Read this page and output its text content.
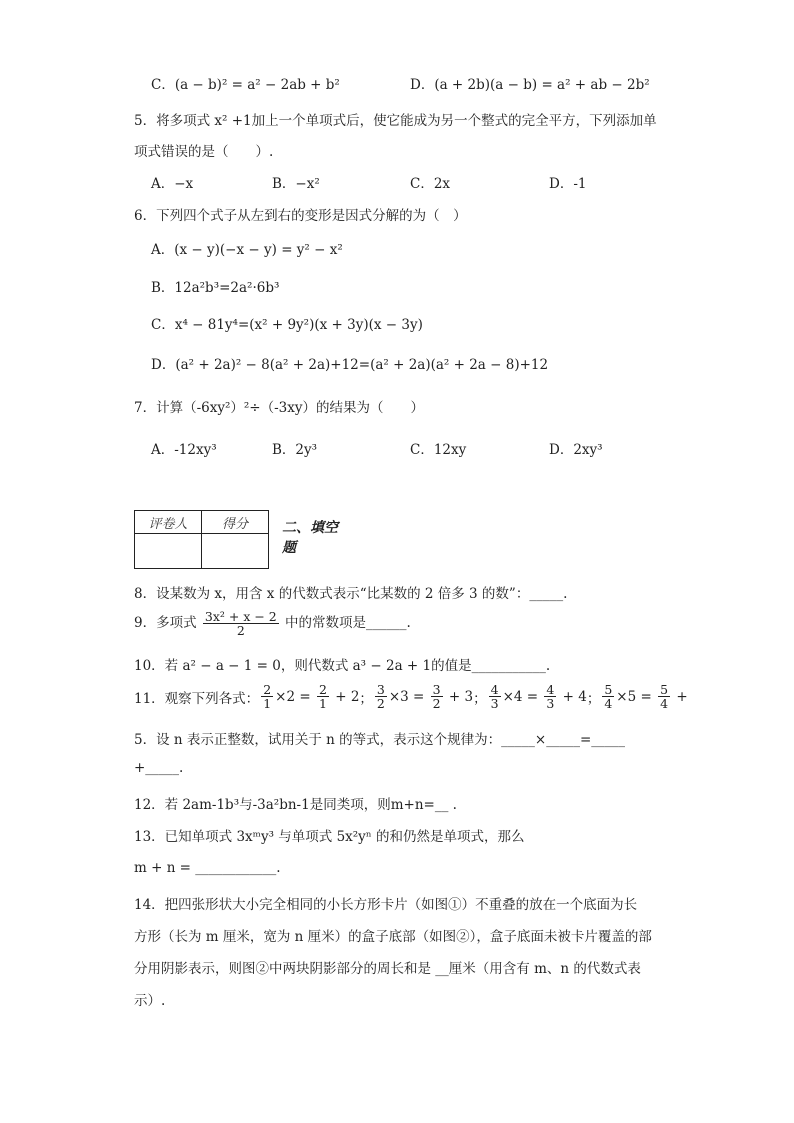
C．(a − b)² = a² − 2ab + b²	D．(a + 2b)(a − b) = a² + ab − 2b²
5．将多项式 x² +1加上一个单项式后，使它能成为另一个整式的完全平方，下列添加单
项式错误的是（　　）.
A．−x	B．−x²	C．2x	D．-1
6．下列四个式子从左到右的变形是因式分解的为（　）
A．(x − y)(−x − y) = y² − x²
B．12a²b³=2a²·6b³
C．x⁴ − 81y⁴=(x² + 9y²)(x + 3y)(x − 3y)
D．(a² + 2a)² − 8(a² + 2a)+12=(a² + 2a)(a² + 2a − 8)+12
7．计算（-6xy²）²÷（-3xy）的结果为（　　）
A．-12xy³	B．2y³	C．12xy	D．2xy³
评卷人	得分
	二、填空
题
8．设某数为 x，用含 x 的代数式表示“比某数的 2 倍多 3 的数”：_____.
9．多项式 $\frac{\text{3x² + x − 2}}{2}$ 中的常数项是______.
10．若 a² − a − 1 = 0，则代数式 a³ − 2a + 1的值是___________.
11．观察下列各式： $\frac{2}{1} \times 2 = \frac{2}{1} + 2$ ； $\frac{3}{2} \times 3 = \frac{3}{2} + 3$ ； $\frac{4}{3} \times 4 = \frac{4}{3} + 4$ ； $\frac{5}{4} \times 5 = \frac{5}{4}$ +
5．设 n 表示正整数，试用关于 n 的等式，表示这个规律为：_____×_____=_____
+_____.
12．若 2am-1b³与-3a²bn-1是同类项，则m+n=__ .
13．已知单项式 3xᵐy³ 与单项式 5x²yⁿ 的和仍然是单项式，那么
m + n = ____________.
14．把四张形状大小完全相同的小长方形卡片（如图①）不重叠的放在一个底面为长
方形（长为 m 厘米，宽为 n 厘米）的盒子底部（如图②），盒子底面未被卡片覆盖的部
分用阴影表示，则图②中两块阴影部分的周长和是 __厘米（用含有 m、n 的代数式表
示）.
